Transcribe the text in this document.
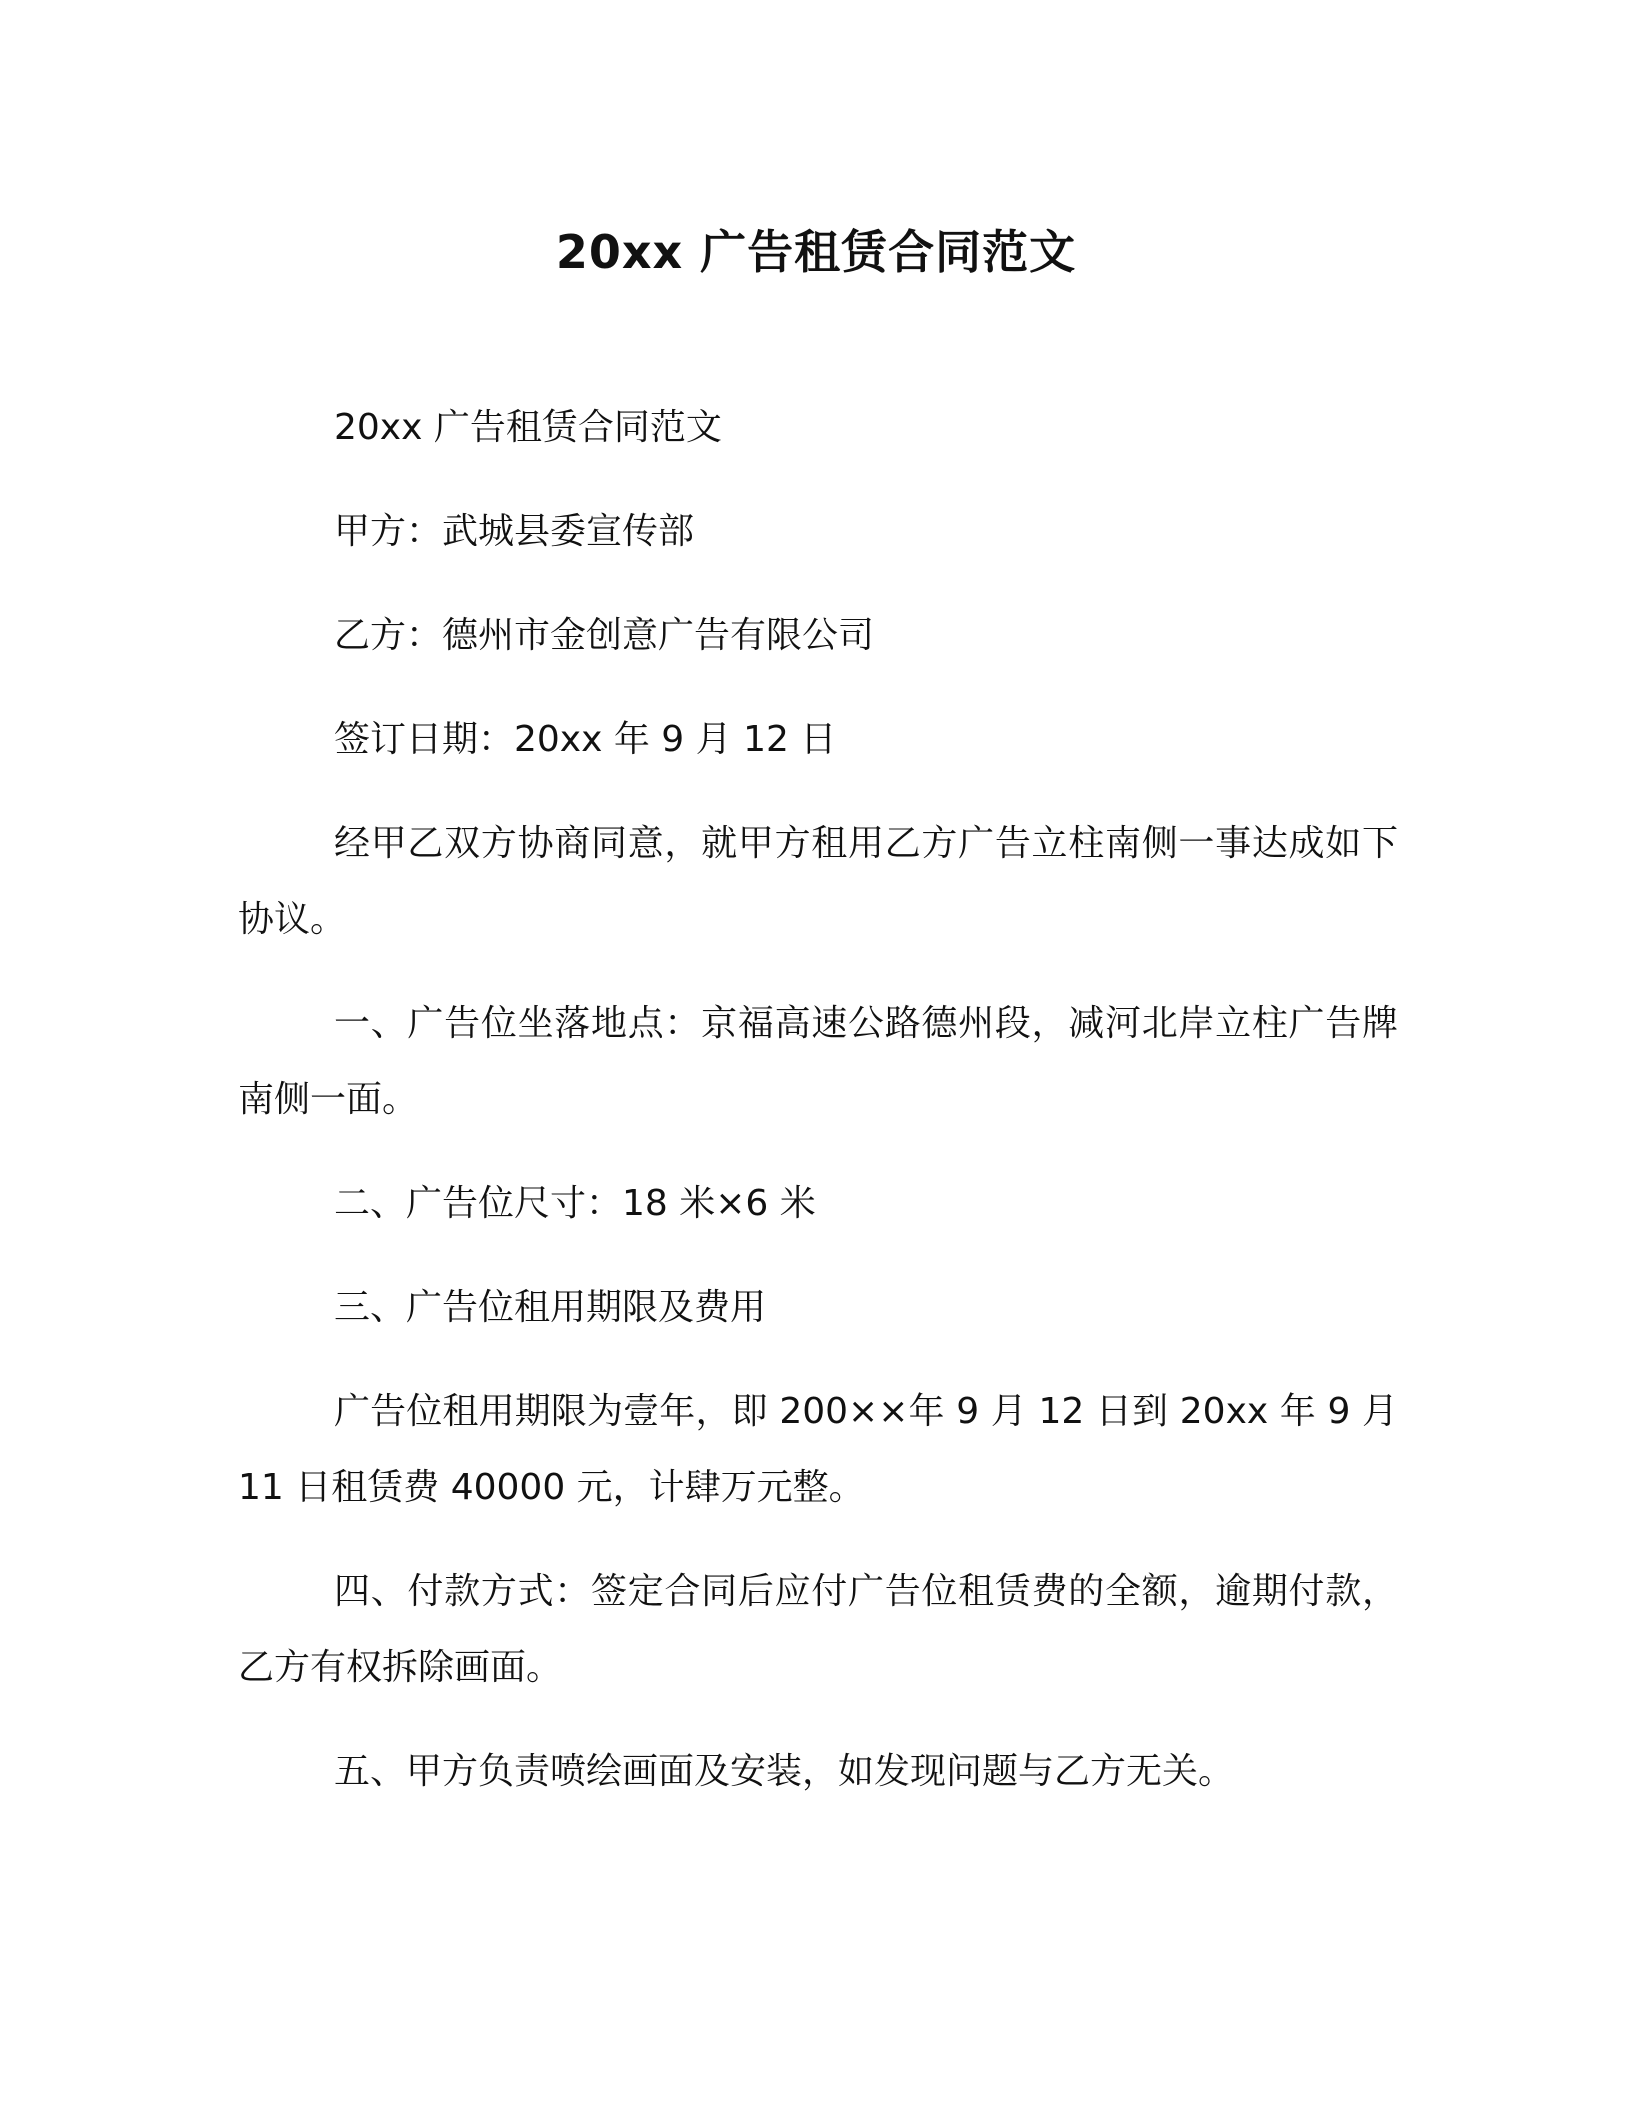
20xx 广告租赁合同范文

20xx 广告租赁合同范文

甲方：武城县委宣传部

乙方：德州市金创意广告有限公司

签订日期：20xx 年 9 月 12 日

经甲乙双方协商同意，就甲方租用乙方广告立柱南侧一事达成如下协议。

一、广告位坐落地点：京福高速公路德州段，减河北岸立柱广告牌南侧一面。

二、广告位尺寸：18 米×6 米

三、广告位租用期限及费用

广告位租用期限为壹年，即 200××年 9 月 12 日到 20xx 年 9 月 11 日租赁费 40000 元，计肆万元整。

四、付款方式：签定合同后应付广告位租赁费的全额，逾期付款，乙方有权拆除画面。

五、甲方负责喷绘画面及安装，如发现问题与乙方无关。
